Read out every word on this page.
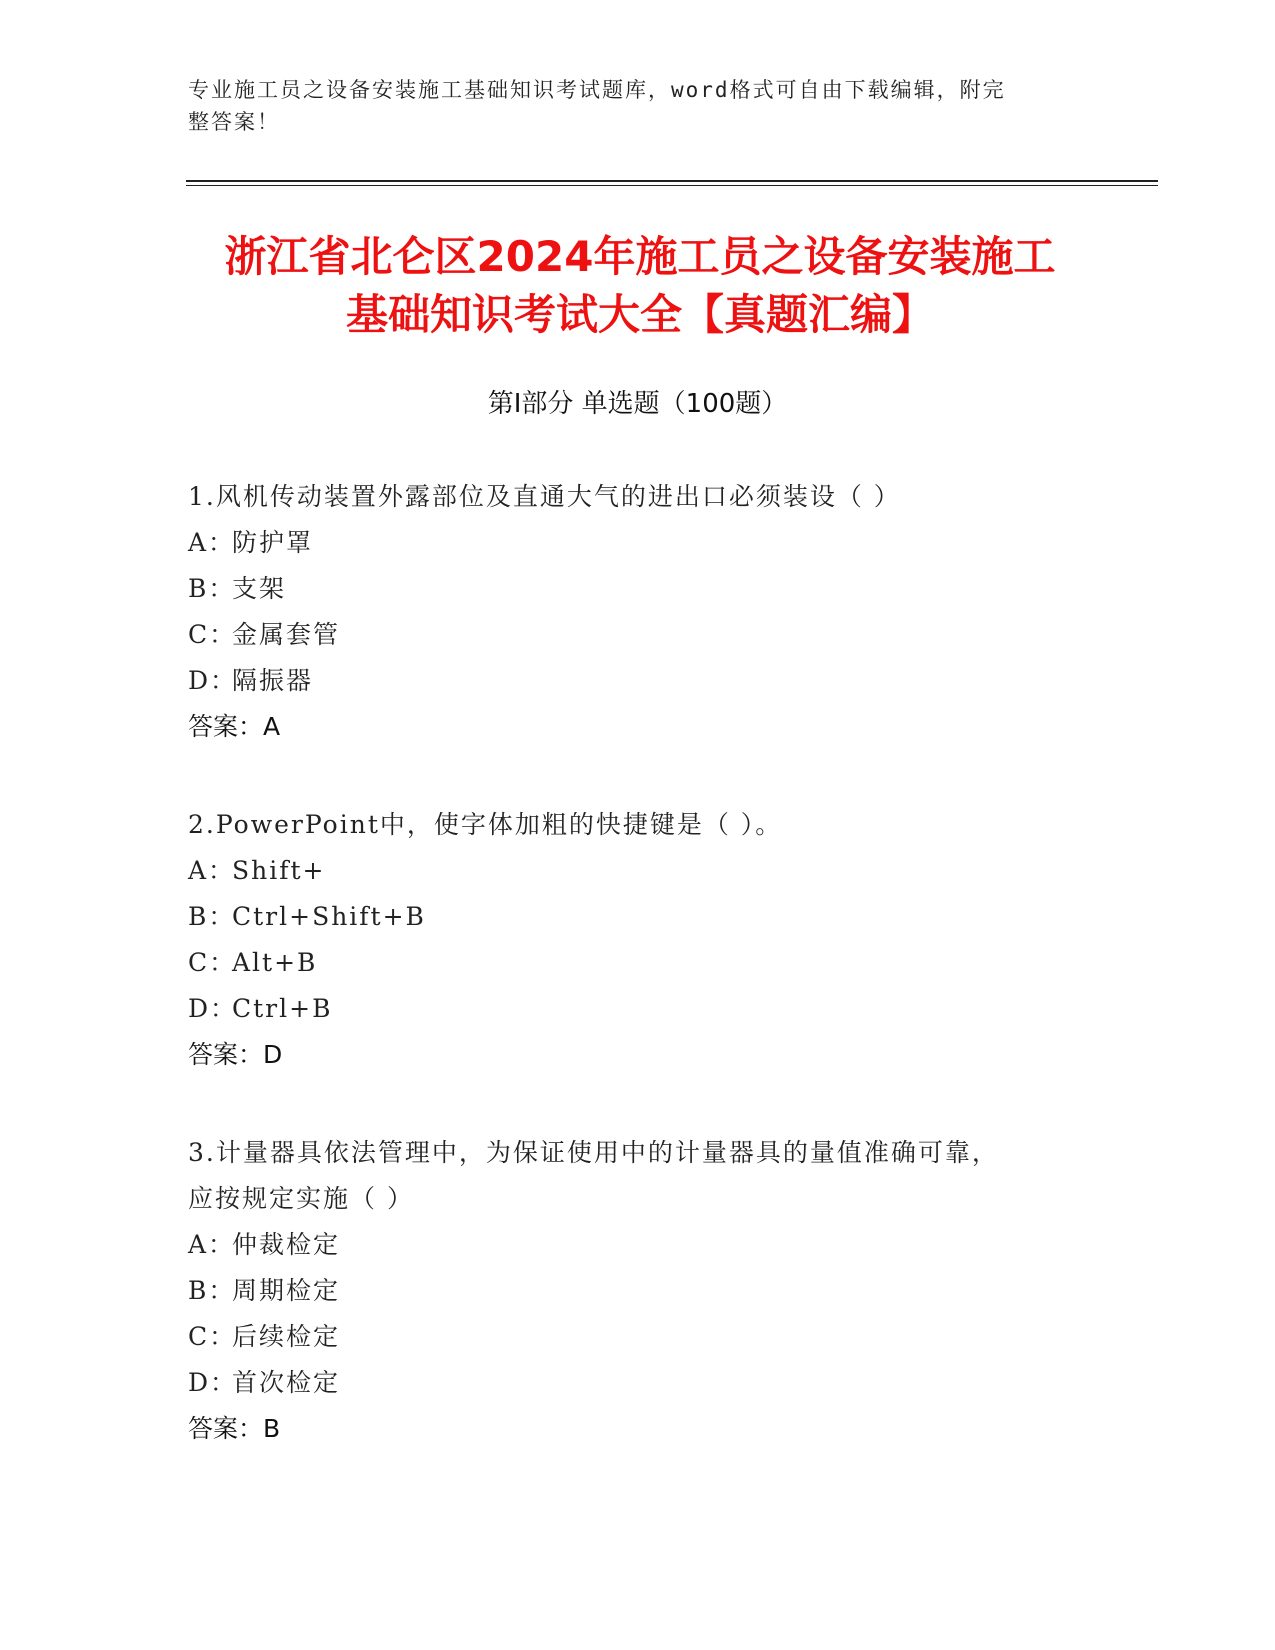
专业施工员之设备安装施工基础知识考试题库，word格式可自由下载编辑，附完
整答案！
浙江省北仑区2024年施工员之设备安装施工
基础知识考试大全【真题汇编】
第Ⅰ部分 单选题（100题）
1.风机传动装置外露部位及直通大气的进出口必须装设（ ）
A：防护罩
B：支架
C：金属套管
D：隔振器
答案：A
2.PowerPoint中，使字体加粗的快捷键是（ ）。
A：Shift+
B：Ctrl+Shift+B
C：Alt+B
D：Ctrl+B
答案：D
3.计量器具依法管理中，为保证使用中的计量器具的量值准确可靠，
应按规定实施（ ）
A：仲裁检定
B：周期检定
C：后续检定
D：首次检定
答案：B
